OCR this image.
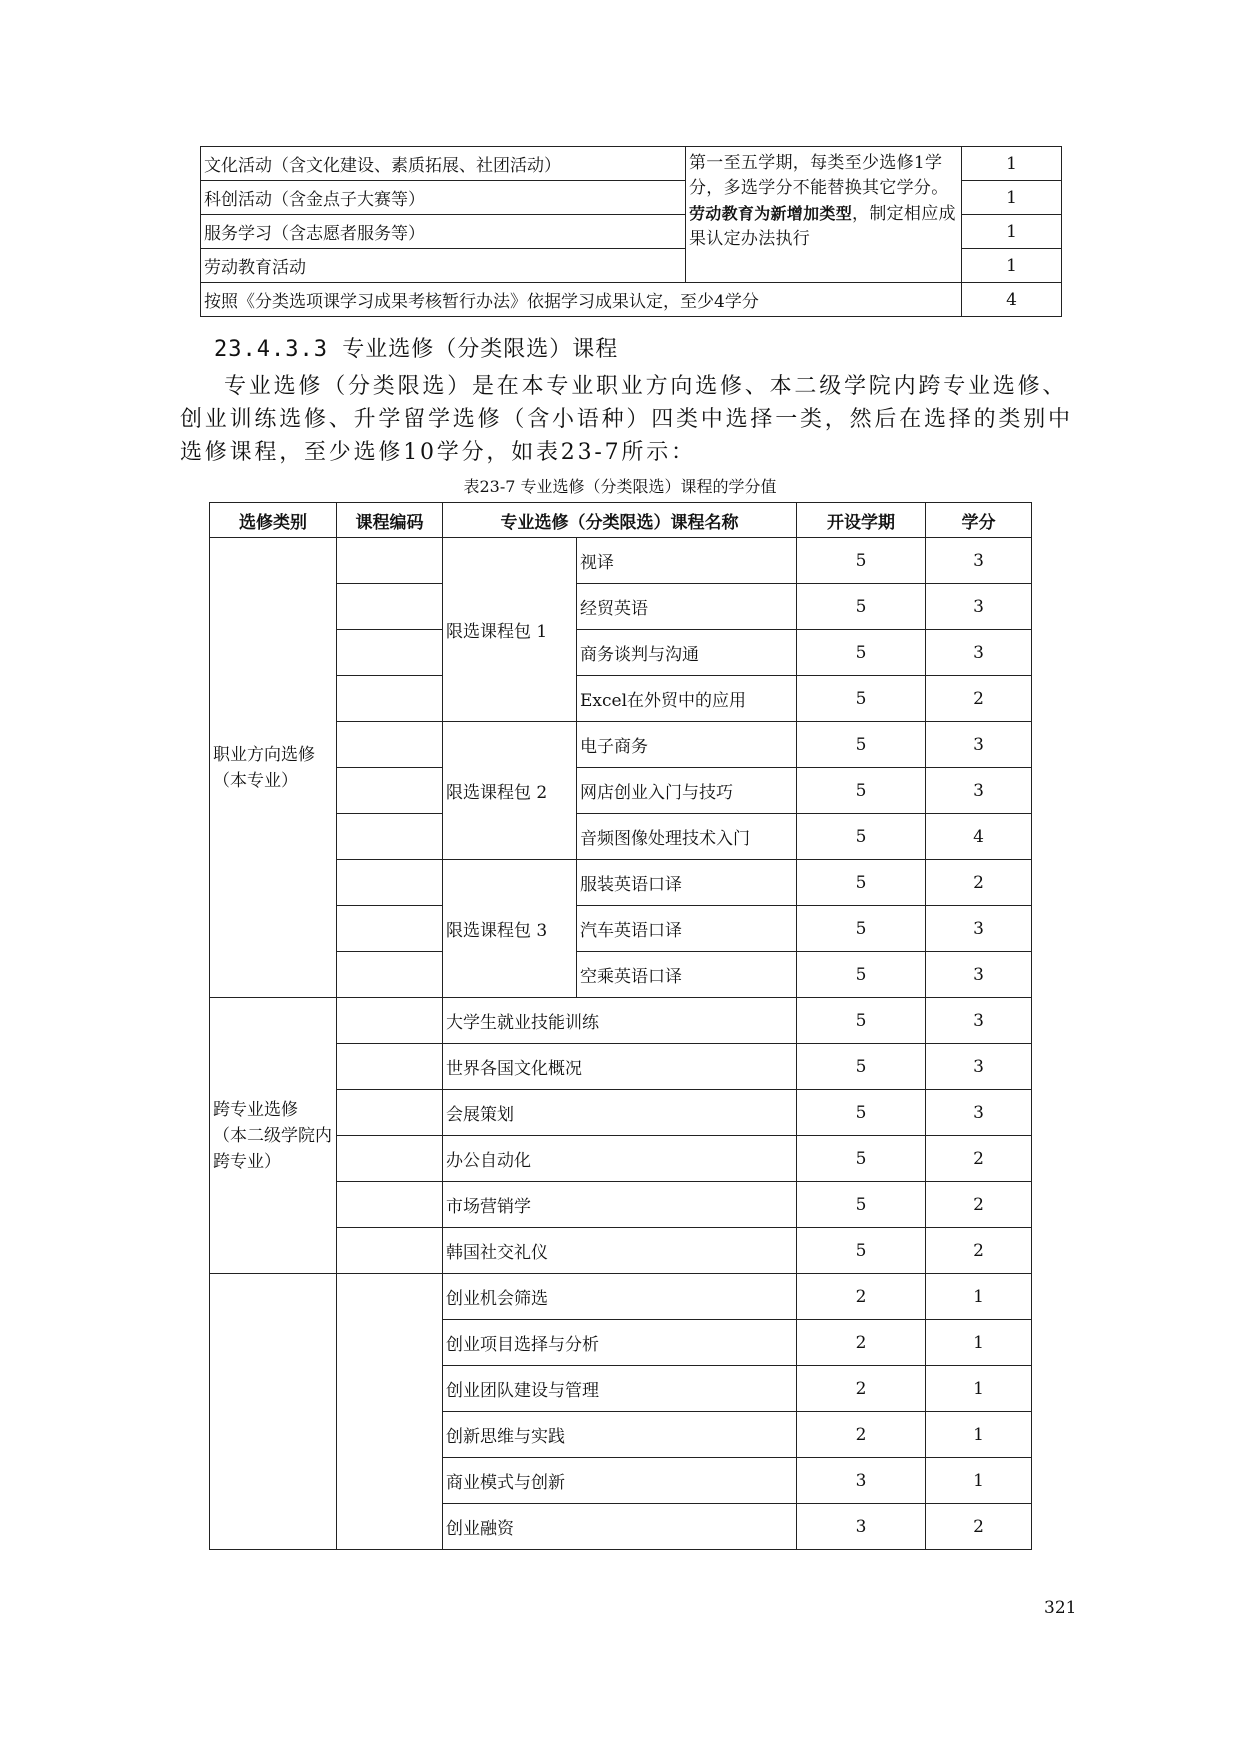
文化活动（含文化建设、素质拓展、社团活动）	第一至五学期，每类至少选修1学分，多选学分不能替换其它学分。劳动教育为新增加类型，制定相应成果认定办法执行	1
科创活动（含金点子大赛等）		1
服务学习（含志愿者服务等）		1
劳动教育活动		1
按照《分类选项课学习成果考核暂行办法》依据学习成果认定，至少4学分		4
23.4.3.3 专业选修（分类限选）课程

专业选修（分类限选）是在本专业职业方向选修、本二级学院内跨专业选修、创业训练选修、升学留学选修（含小语种）四类中选择一类，然后在选择的类别中选修课程，至少选修10学分，如表23-7所示：

表23-7 专业选修（分类限选）课程的学分值

选修类别	课程编码	专业选修（分类限选）课程名称		开设学期	学分
职业方向选修（本专业）		限选课程包 1	视译	5	3
			经贸英语	5	3
			商务谈判与沟通	5	3
			Excel在外贸中的应用	5	2
		限选课程包 2	电子商务	5	3
			网店创业入门与技巧	5	3
			音频图像处理技术入门	5	4
		限选课程包 3	服装英语口译	5	2
			汽车英语口译	5	3
			空乘英语口译	5	3
跨专业选修
（本二级学院内跨专业）		大学生就业技能训练		5	3
		世界各国文化概况		5	3
		会展策划		5	3
		办公自动化		5	2
		市场营销学		5	2
		韩国社交礼仪		5	2
		创业机会筛选		2	1
		创业项目选择与分析		2	1
		创业团队建设与管理		2	1
		创新思维与实践		2	1
		商业模式与创新		3	1
		创业融资		3	2

321
